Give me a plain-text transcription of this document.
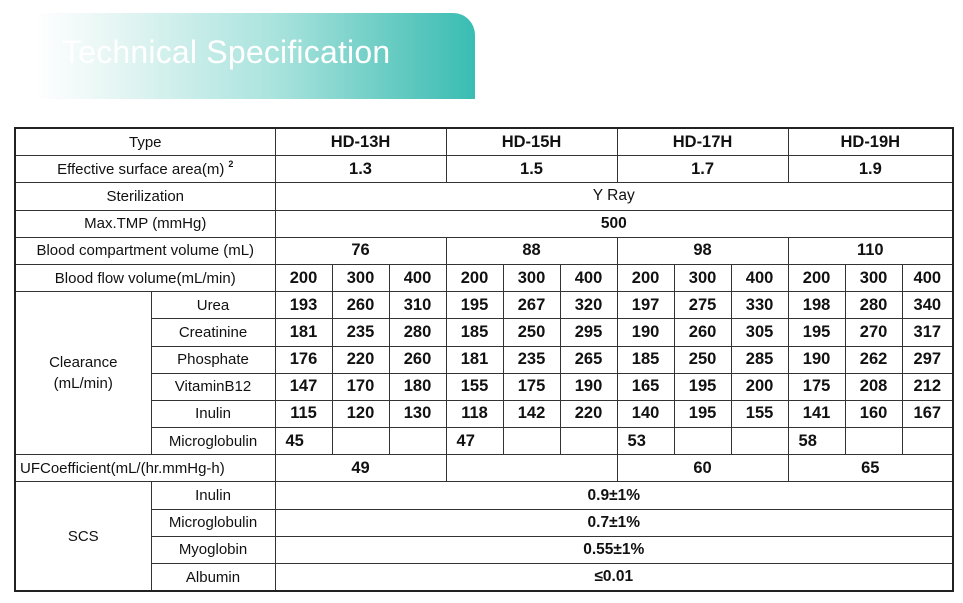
Technical Specification
Type		HD-13H			HD-15H			HD-17H			HD-19H		
Effective surface area(m) $^2$		1.3			1.5			1.7			1.9		
Sterilization		Y Ray											
Max.TMP (mmHg)		500											
Blood compartment volume (mL)		76			88			98			110		
Blood flow volume(mL/min)		200	300	400	200	300	400	200	300	400	200	300	400

Clearance
(mL/min)	Urea	193	260	310	195	267	320	197	275	330	198	280	340
	Creatinine	181	235	280	185	250	295	190	260	305	195	270	317
	Phosphate	176	220	260	181	235	265	185	250	285	190	262	297
	VitaminB12	147	170	180	155	175	190	165	195	200	175	208	212
	Inulin	115	120	130	118	142	220	140	195	155	141	160	167
	Microglobulin	45			47			53			58		
UFCoefficient(mL/(hr.mmHg-h)		49						60			65		
SCS	Inulin	0.9±1%											
	Microglobulin	0.7±1%											
	Myoglobin	0.55±1%											
	Albumin	≤0.01											
